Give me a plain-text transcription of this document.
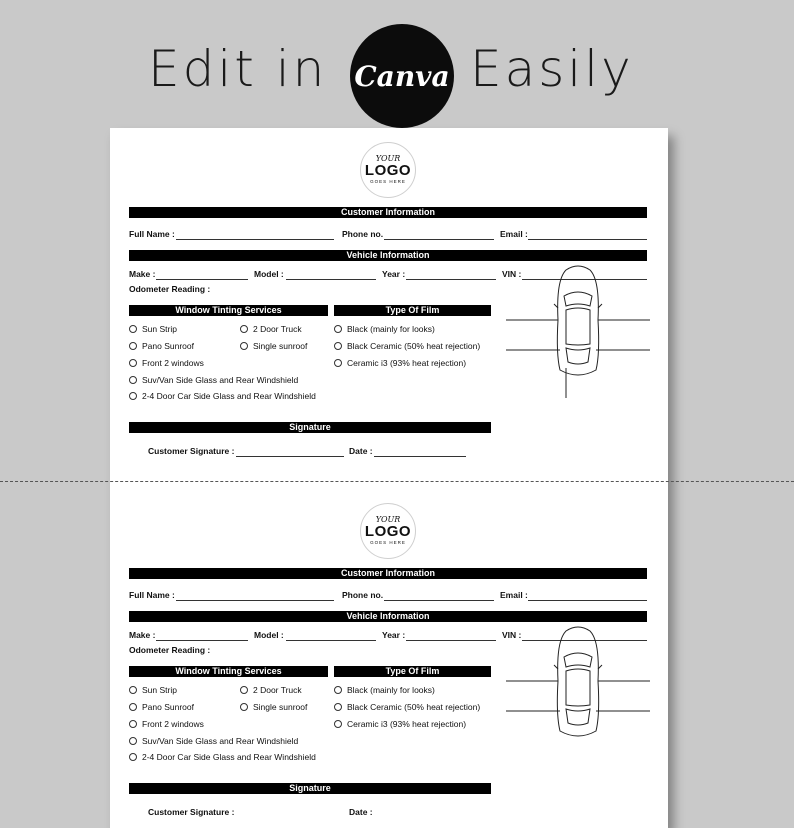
Edit in Canva Easily
YOUR
LOGO
GOES HERE
Customer Information
Full Name :	Phone no.	Email :
Vehicle Information
Make :	Model :	Year :	VIN :
Odometer Reading :
Window Tinting Services	Type Of Film
Sun Strip	2 Door Truck
Pano Sunroof	Single sunroof
Front 2 windows
Suv/Van Side Glass and Rear Windshield
2-4 Door Car Side Glass and Rear Windshield
Black (mainly for looks)
Black Ceramic (50% heat rejection)
Ceramic i3 (93% heat rejection)
Signature
Customer Signature :	Date :
YOUR
LOGO
GOES HERE
Customer Information
Full Name :	Phone no.	Email :
Vehicle Information
Make :	Model :	Year :	VIN :
Odometer Reading :
Window Tinting Services	Type Of Film
Sun Strip	2 Door Truck
Pano Sunroof	Single sunroof
Front 2 windows
Suv/Van Side Glass and Rear Windshield
2-4 Door Car Side Glass and Rear Windshield
Black (mainly for looks)
Black Ceramic (50% heat rejection)
Ceramic i3 (93% heat rejection)
Signature
Customer Signature :	Date :
